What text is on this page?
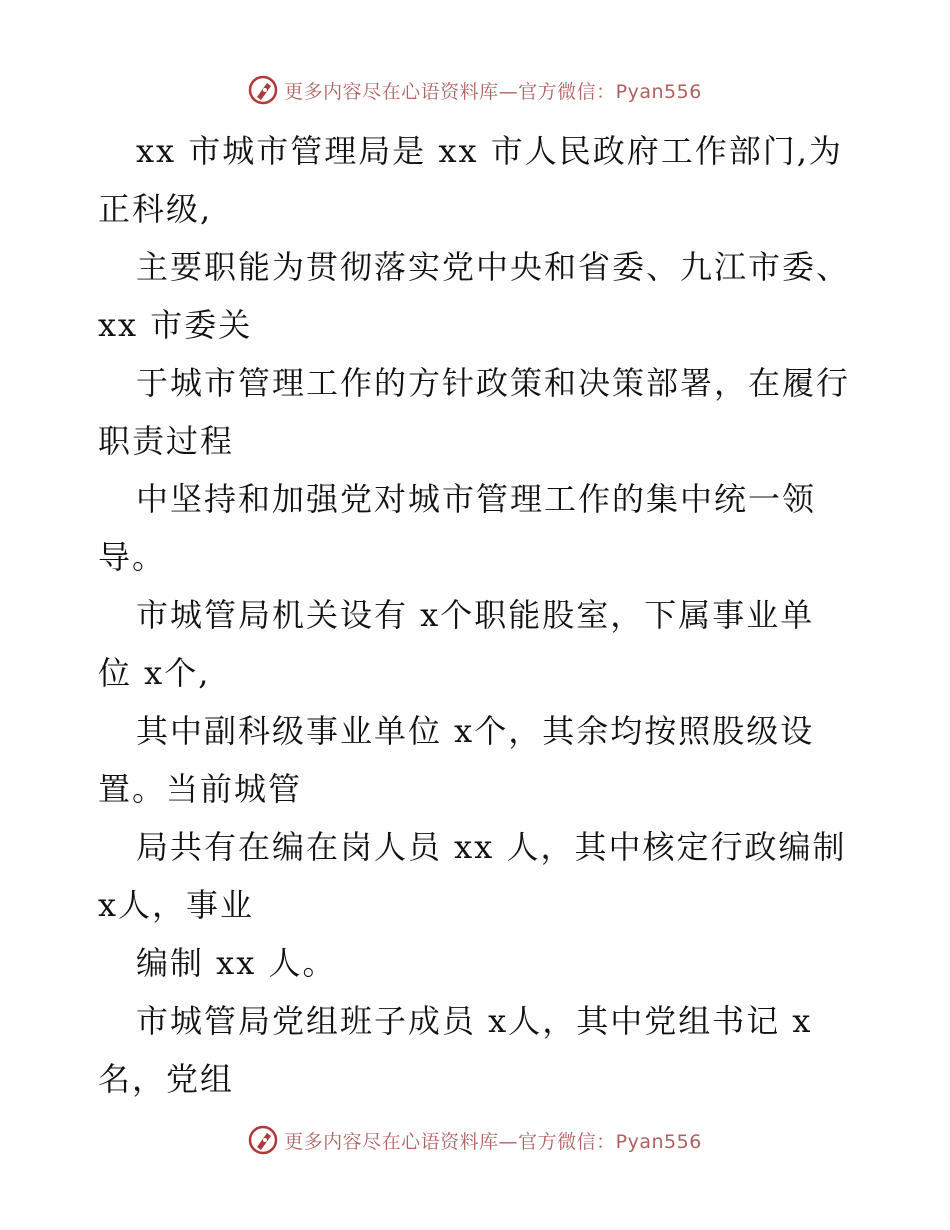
更多内容尽在心语资料库—官方微信：Pyan556
xx 市城市管理局是 xx 市人民政府工作部门,为
正科级,
主要职能为贯彻落实党中央和省委、九江市委、
xx 市委关
于城市管理工作的方针政策和决策部署，在履行
职责过程
中坚持和加强党对城市管理工作的集中统一领
导。
市城管局机关设有 x个职能股室，下属事业单
位 x个,
其中副科级事业单位 x个，其余均按照股级设
置。当前城管
局共有在编在岗人员 xx 人，其中核定行政编制
x人，事业
编制 xx 人。
市城管局党组班子成员 x人，其中党组书记 x
名，党组
更多内容尽在心语资料库—官方微信：Pyan556
